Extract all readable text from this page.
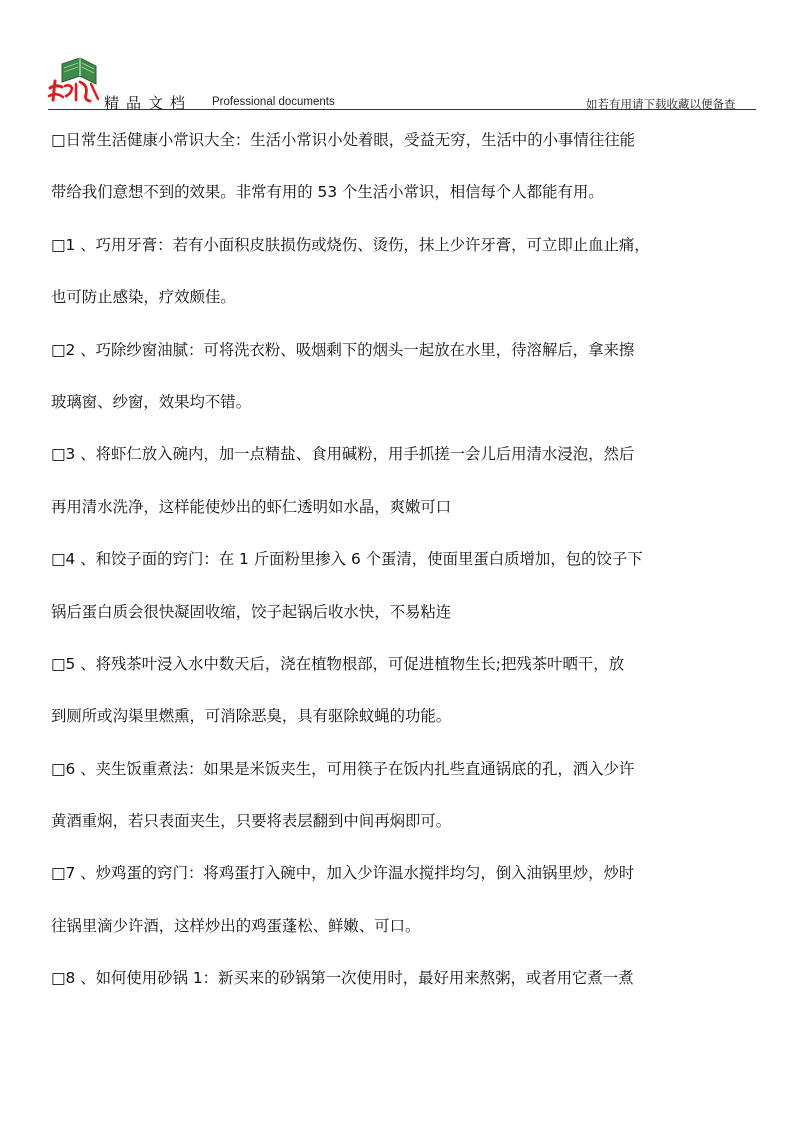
精品文档 Professional documents	如若有用请下载收藏以便备查
□日常生活健康小常识大全：生活小常识小处着眼，受益无穷，生活中的小事情往往能
带给我们意想不到的效果。非常有用的 53 个生活小常识，相信每个人都能有用。
□1 、巧用牙膏：若有小面积皮肤损伤或烧伤、烫伤，抹上少许牙膏，可立即止血止痛，
也可防止感染，疗效颇佳。
□2 、巧除纱窗油腻：可将洗衣粉、吸烟剩下的烟头一起放在水里，待溶解后，拿来擦
玻璃窗、纱窗，效果均不错。
□3 、将虾仁放入碗内，加一点精盐、食用碱粉，用手抓搓一会儿后用清水浸泡，然后
再用清水洗净，这样能使炒出的虾仁透明如水晶，爽嫩可口
□4 、和饺子面的窍门：在 1 斤面粉里掺入 6 个蛋清，使面里蛋白质增加，包的饺子下
锅后蛋白质会很快凝固收缩，饺子起锅后收水快，不易粘连
□5 、将残茶叶浸入水中数天后，浇在植物根部，可促进植物生长;把残茶叶晒干，放
到厕所或沟渠里燃熏，可消除恶臭，具有驱除蚊蝇的功能。
□6 、夹生饭重煮法：如果是米饭夹生，可用筷子在饭内扎些直通锅底的孔，洒入少许
黄酒重焖，若只表面夹生，只要将表层翻到中间再焖即可。
□7 、炒鸡蛋的窍门：将鸡蛋打入碗中，加入少许温水搅拌均匀，倒入油锅里炒，炒时
往锅里滴少许酒，这样炒出的鸡蛋蓬松、鲜嫩、可口。
□8 、如何使用砂锅 1：新买来的砂锅第一次使用时，最好用来熬粥，或者用它煮一煮
